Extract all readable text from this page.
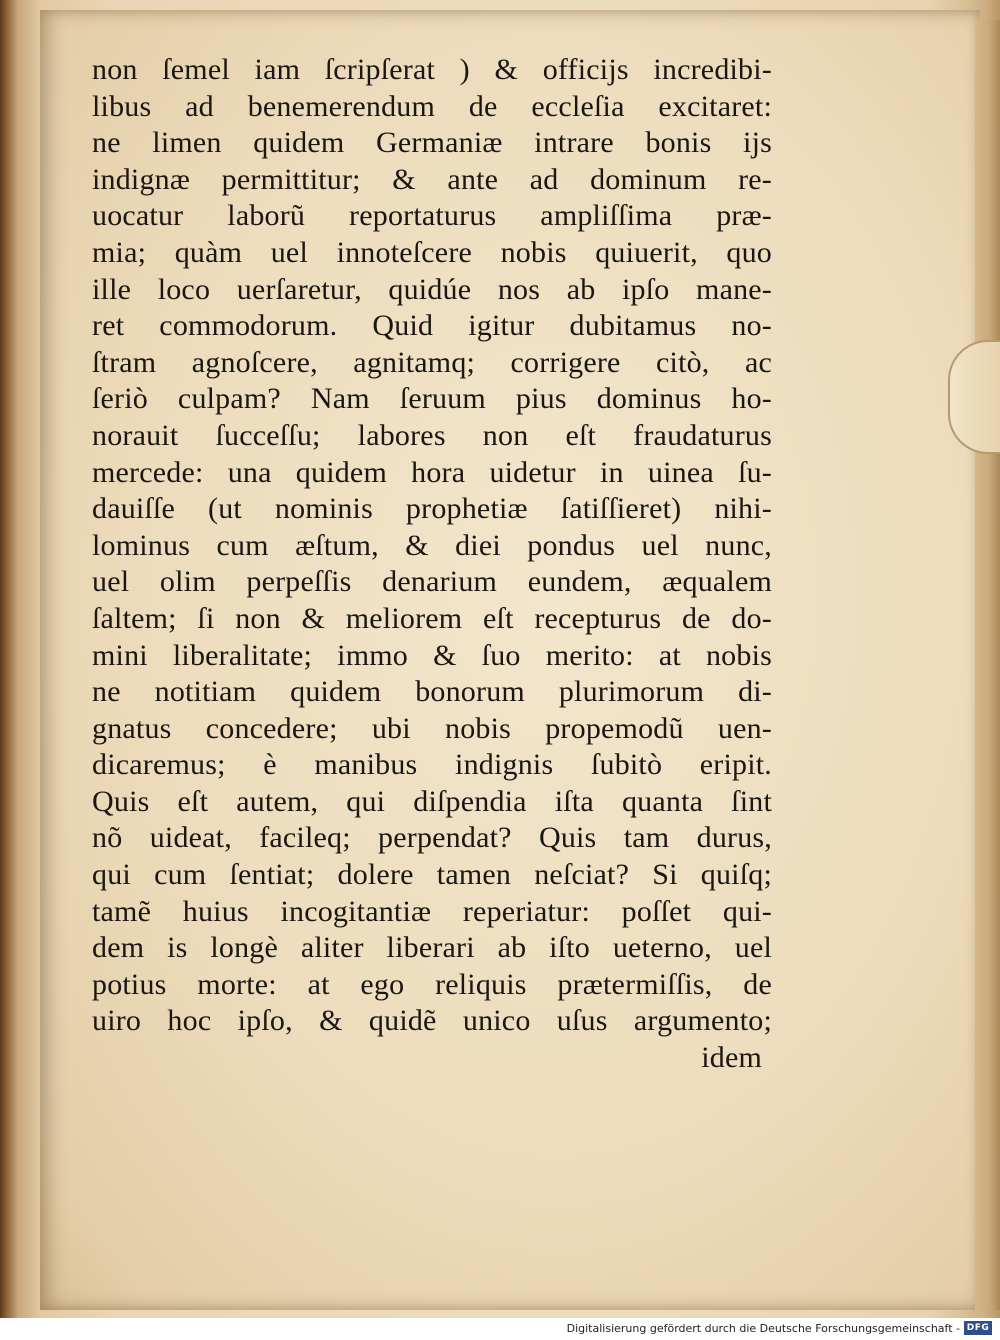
non ſemel iam ſcripſerat ) & officijs incredibi-
libus ad benemerendum de eccleſia excitaret:
ne limen quidem Germaniæ intrare bonis ijs
indignæ permittitur; & ante ad dominum re-
uocatur laborũ reportaturus ampliſſima præ-
mia; quàm uel innoteſcere nobis quiuerit, quo
ille loco uerſaretur, quidúe nos ab ipſo mane-
ret commodorum. Quid igitur dubitamus no-
ſtram agnoſcere, agnitamq; corrigere citò, ac
ſeriò culpam? Nam ſeruum pius dominus ho-
norauit ſucceſſu; labores non eſt fraudaturus
mercede: una quidem hora uidetur in uinea ſu-
dauiſſe (ut nominis prophetiæ ſatiſſieret) nihi-
lominus cum æſtum, & diei pondus uel nunc,
uel olim perpeſſis denarium eundem, æqualem
ſaltem; ſi non & meliorem eſt recepturus de do-
mini liberalitate; immo & ſuo merito: at nobis
ne notitiam quidem bonorum plurimorum di-
gnatus concedere; ubi nobis propemodũ uen-
dicaremus; è manibus indignis ſubitò eripit.
Quis eſt autem, qui diſpendia iſta quanta ſint
nõ uideat, facileq; perpendat? Quis tam durus,
qui cum ſentiat; dolere tamen neſciat? Si quiſq;
tamẽ huius incogitantiæ reperiatur: poſſet qui-
dem is longè aliter liberari ab iſto ueterno, uel
potius morte: at ego reliquis prætermiſſis, de
uiro hoc ipſo, & quidẽ unico uſus argumento;
idem
Digitalisierung gefördert durch die Deutsche Forschungsgemeinschaft - DFG
